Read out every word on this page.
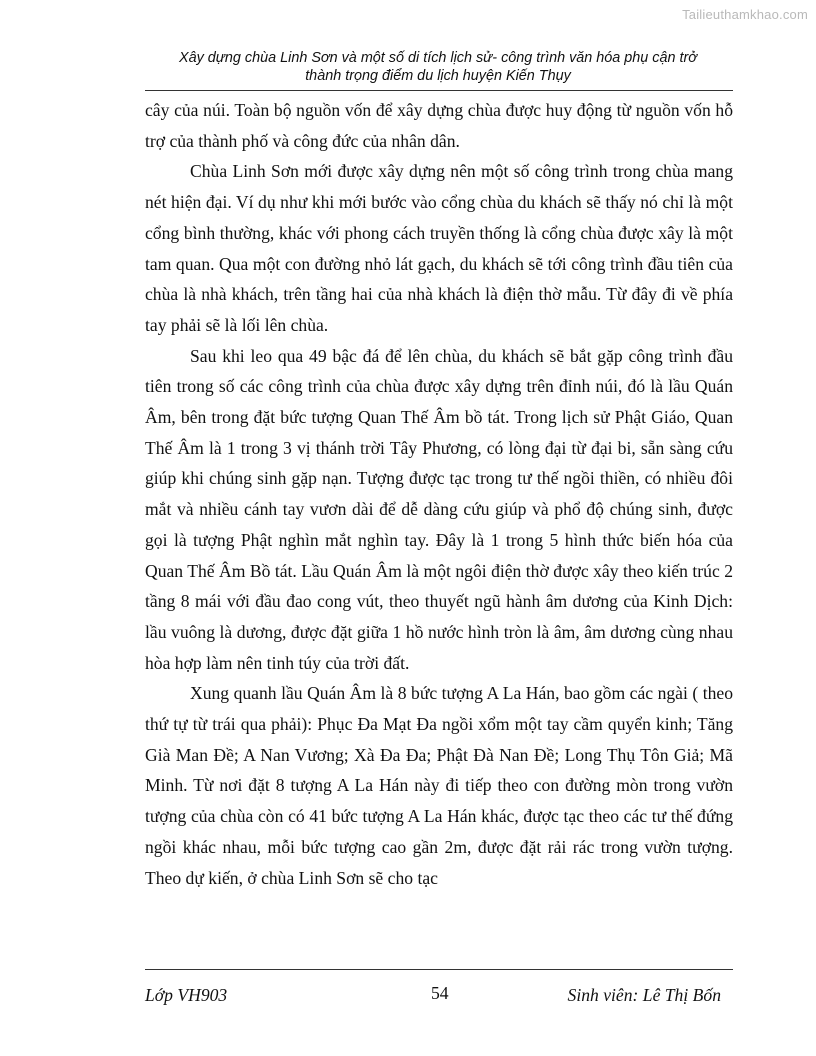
Tailieuthamkhao.com
Xây dựng chùa Linh Sơn và một số di tích lịch sử- công trình văn hóa phụ cận trở
thành trọng điểm du lịch huyện Kiến Thụy

cây của núi. Toàn bộ nguồn vốn để xây dựng chùa được huy động từ nguồn vốn hỗ trợ của thành phố và công đức của nhân dân.

Chùa Linh Sơn mới được xây dựng nên một số công trình trong chùa mang nét hiện đại. Ví dụ như khi mới bước vào cổng chùa du khách sẽ thấy nó chỉ là một cổng bình thường, khác với phong cách truyền thống là cổng chùa được xây là một tam quan. Qua một con đường nhỏ lát gạch, du khách sẽ tới công trình đầu tiên của chùa là nhà khách, trên tầng hai của nhà khách là điện thờ mẫu. Từ đây đi về phía tay phải sẽ là lối lên chùa.

Sau khi leo qua 49 bậc đá để lên chùa, du khách sẽ bắt gặp công trình đầu tiên trong số các công trình của chùa được xây dựng trên đỉnh núi, đó là lầu Quán Âm, bên trong đặt bức tượng Quan Thế Âm bồ tát. Trong lịch sử Phật Giáo, Quan Thế Âm là 1 trong 3 vị thánh trời Tây Phương, có lòng đại từ đại bi, sẵn sàng cứu giúp khi chúng sinh gặp nạn. Tượng được tạc trong tư thế ngồi thiền, có nhiều đôi mắt và nhiều cánh tay vươn dài để dễ dàng cứu giúp và phổ độ chúng sinh, được gọi là tượng Phật nghìn mắt nghìn tay. Đây là 1 trong 5 hình thức biến hóa của Quan Thế Âm Bồ tát. Lầu Quán Âm là một ngôi điện thờ được xây theo kiến trúc 2 tầng 8 mái với đầu đao cong vút, theo thuyết ngũ hành âm dương của Kinh Dịch: lầu vuông là dương, được đặt giữa 1 hồ nước hình tròn là âm, âm dương cùng nhau hòa hợp làm nên tinh túy của trời đất.

Xung quanh lầu Quán Âm là 8 bức tượng A La Hán, bao gồm các ngài ( theo thứ tự từ trái qua phải): Phục Đa Mạt Đa ngồi xổm một tay cầm quyển kinh; Tăng Già Man Đề; A Nan Vương; Xà Đa Đa; Phật Đà Nan Đề; Long Thụ Tôn Giả; Mã Minh. Từ nơi đặt 8 tượng A La Hán này đi tiếp theo con đường mòn trong vườn tượng của chùa còn có 41 bức tượng A La Hán khác, được tạc theo các tư thế đứng ngồi khác nhau, mỗi bức tượng cao gần 2m, được đặt rải rác trong vườn tượng. Theo dự kiến, ở chùa Linh Sơn sẽ cho tạc

Lớp VH903	54	Sinh viên: Lê Thị Bốn
